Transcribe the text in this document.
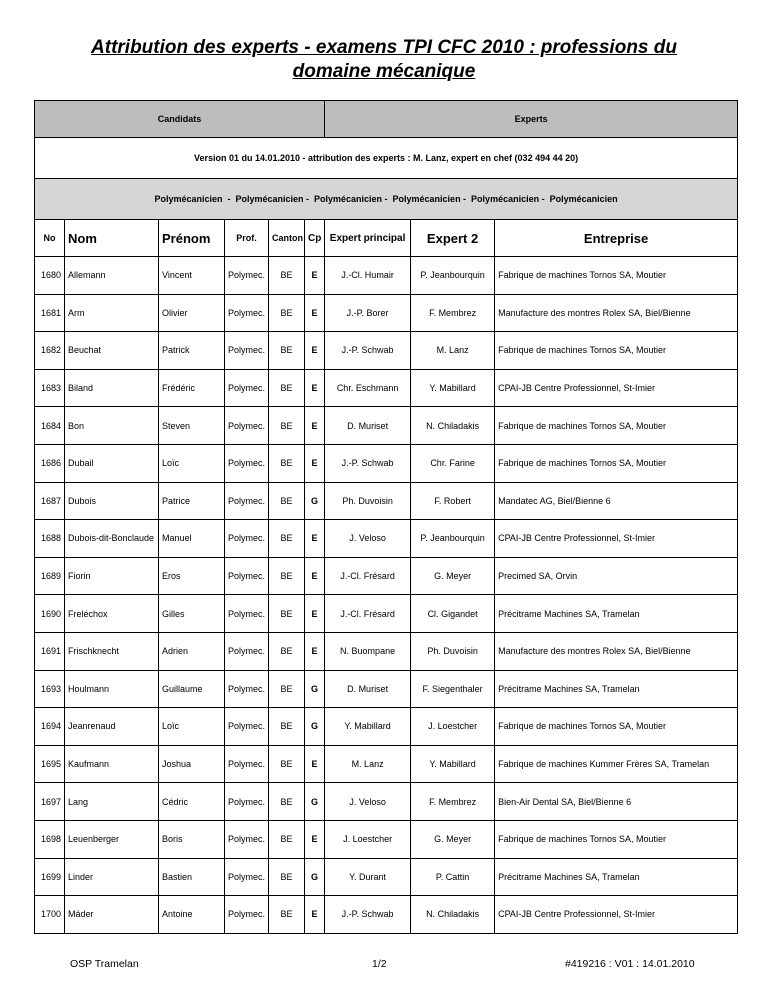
Attribution des experts - examens TPI CFC 2010 : professions du
domaine mécanique
Candidats						Experts		
Version 01 du 14.01.2010 - attribution des experts : M. Lanz, expert en chef (032 494 44 20)								
Polymécanicien  -  Polymécanicien -  Polymécanicien -  Polymécanicien -  Polymécanicien -  Polymécanicien								
No	Nom	Prénom	Prof.	Canton	Cp	Expert principal	Expert 2	Entreprise
1680	Allemann	Vincent	Polymec.	BE	E	J.-Cl. Humair	P. Jeanbourquin	Fabrique de machines Tornos SA, Moutier
1681	Arm	Olivier	Polymec.	BE	E	J.-P. Borer	F. Membrez	Manufacture des montres Rolex SA, Biel/Bienne
1682	Beuchat	Patrick	Polymec.	BE	E	J.-P. Schwab	M. Lanz	Fabrique de machines Tornos SA, Moutier
1683	Biland	Frédéric	Polymec.	BE	E	Chr. Eschmann	Y. Mabillard	CPAI-JB Centre Professionnel, St-Imier
1684	Bon	Steven	Polymec.	BE	E	D. Muriset	N. Chiladakis	Fabrique de machines Tornos SA, Moutier
1686	Dubail	Loïc	Polymec.	BE	E	J.-P. Schwab	Chr. Farine	Fabrique de machines Tornos SA, Moutier
1687	Dubois	Patrice	Polymec.	BE	G	Ph. Duvoisin	F. Robert	Mandatec AG, Biel/Bienne 6
1688	Dubois-dit-Bonclaude	Manuel	Polymec.	BE	E	J. Veloso	P. Jeanbourquin	CPAI-JB Centre Professionnel, St-Imier
1689	Fiorin	Eros	Polymec.	BE	E	J.-Cl. Frésard	G. Meyer	Precimed SA, Orvin
1690	Freléchox	Gilles	Polymec.	BE	E	J.-Cl. Frésard	Cl. Gigandet	Précitrame Machines SA, Tramelan
1691	Frischknecht	Adrien	Polymec.	BE	E	N. Buompane	Ph. Duvoisin	Manufacture des montres Rolex SA, Biel/Bienne
1693	Houlmann	Guillaume	Polymec.	BE	G	D. Muriset	F. Siegenthaler	Précitrame Machines SA, Tramelan
1694	Jeanrenaud	Loïc	Polymec.	BE	G	Y. Mabillard	J. Loestcher	Fabrique de machines Tornos SA, Moutier
1695	Kaufmann	Joshua	Polymec.	BE	E	M. Lanz	Y. Mabillard	Fabrique de machines Kummer Frères SA, Tramelan
1697	Lang	Cédric	Polymec.	BE	G	J. Veloso	F. Membrez	Bien-Air Dental SA, Biel/Bienne 6
1698	Leuenberger	Boris	Polymec.	BE	E	J. Loestcher	G. Meyer	Fabrique de machines Tornos SA, Moutier
1699	Linder	Bastien	Polymec.	BE	G	Y. Durant	P. Cattin	Précitrame Machines SA, Tramelan
1700	Mäder	Antoine	Polymec.	BE	E	J.-P. Schwab	N. Chiladakis	CPAI-JB Centre Professionnel, St-Imier
OSP Tramelan	1/2	#419216 : V01 : 14.01.2010
